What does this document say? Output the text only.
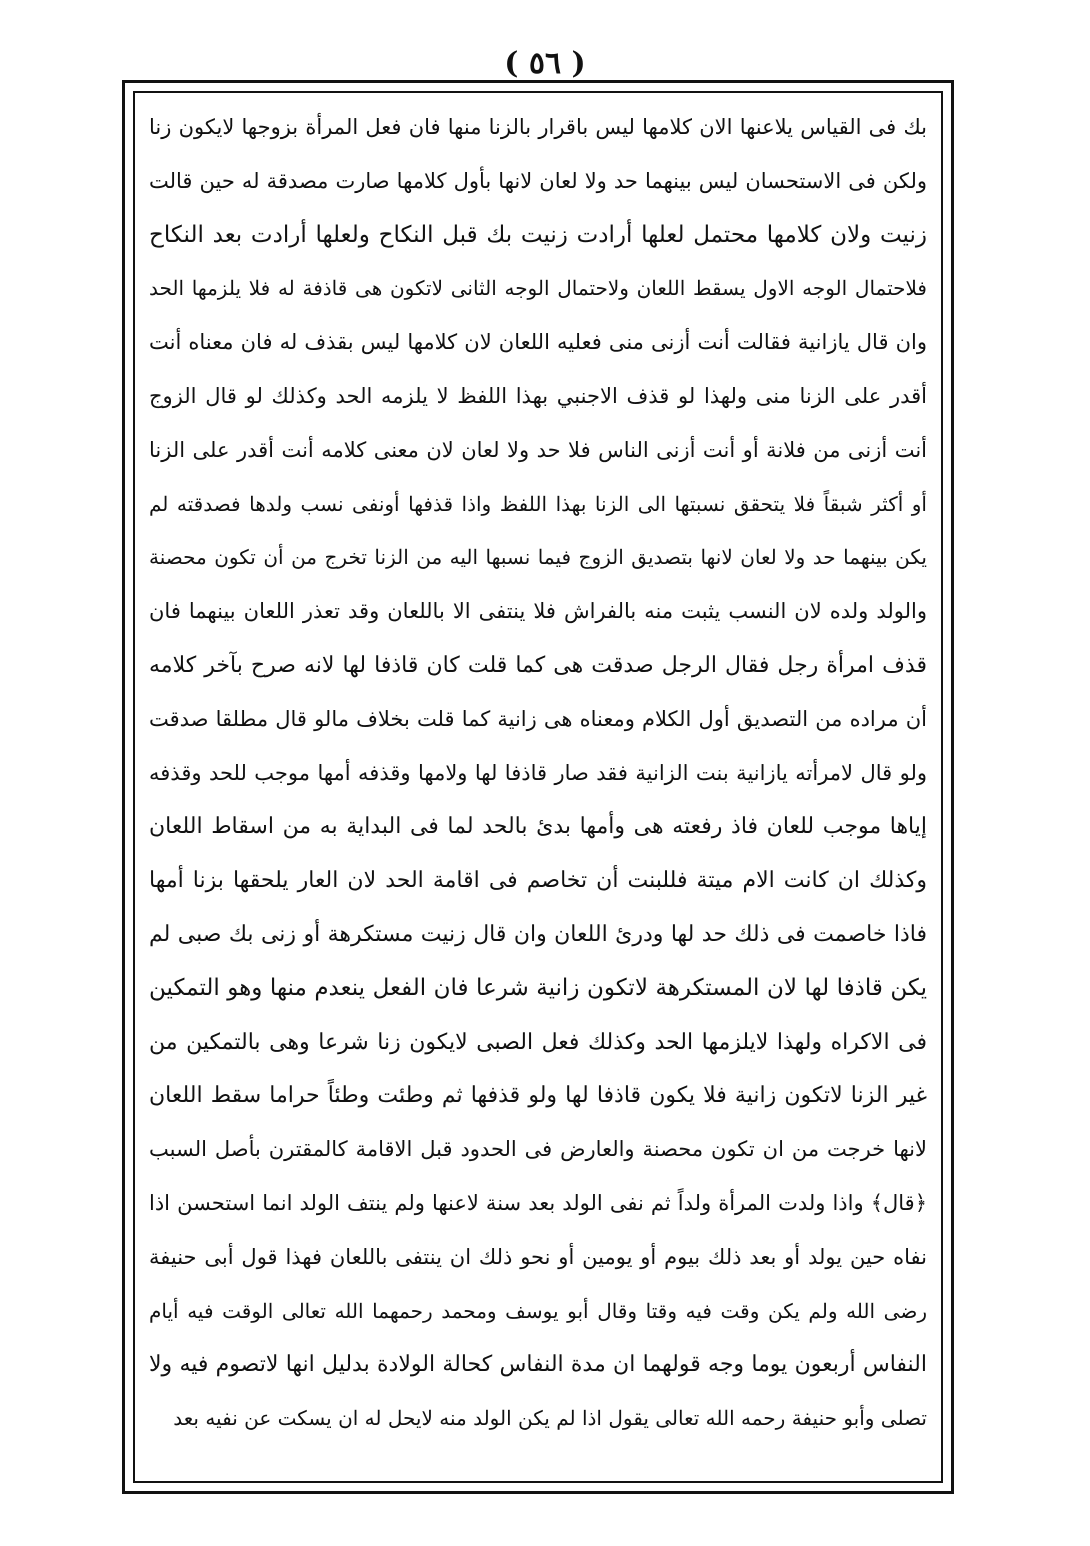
( ٥٦ )
بك فى القياس يلاعنها الان كلامها ليس باقرار بالزنا منها فان فعل المرأة بزوجها لايكون زنا
ولكن فى الاستحسان ليس بينهما حد ولا لعان لانها بأول كلامها صارت مصدقة له حين قالت
زنيت ولان كلامها محتمل لعلها أرادت زنيت بك قبل النكاح ولعلها أرادت بعد النكاح
فلاحتمال الوجه الاول يسقط اللعان ولاحتمال الوجه الثانى لاتكون هى قاذفة له فلا يلزمها الحد
وان قال يازانية فقالت أنت أزنى منى فعليه اللعان لان كلامها ليس بقذف له فان معناه أنت
أقدر على الزنا منى ولهذا لو قذف الاجنبي بهذا اللفظ لا يلزمه الحد وكذلك لو قال الزوج
أنت أزنى من فلانة أو أنت أزنى الناس فلا حد ولا لعان لان معنى كلامه أنت أقدر على الزنا
أو أكثر شبقاً فلا يتحقق نسبتها الى الزنا بهذا اللفظ واذا قذفها أونفى نسب ولدها فصدقته لم
يكن بينهما حد ولا لعان لانها بتصديق الزوج فيما نسبها اليه من الزنا تخرج من أن تكون محصنة
والولد ولده لان النسب يثبت منه بالفراش فلا ينتفى الا باللعان وقد تعذر اللعان بينهما فان
قذف امرأة رجل فقال الرجل صدقت هى كما قلت كان قاذفا لها لانه صرح بآخر كلامه
أن مراده من التصديق أول الكلام ومعناه هى زانية كما قلت بخلاف مالو قال مطلقا صدقت
ولو قال لامرأته يازانية بنت الزانية فقد صار قاذفا لها ولامها وقذفه أمها موجب للحد وقذفه
إياها موجب للعان فاذ رفعته هى وأمها بدئ بالحد لما فى البداية به من اسقاط اللعان
وكذلك ان كانت الام ميتة فللبنت أن تخاصم فى اقامة الحد لان العار يلحقها بزنا أمها
فاذا خاصمت فى ذلك حد لها ودرئ اللعان وان قال زنيت مستكرهة أو زنى بك صبى لم
يكن قاذفا لها لان المستكرهة لاتكون زانية شرعا فان الفعل ينعدم منها وهو التمكين
فى الاكراه ولهذا لايلزمها الحد وكذلك فعل الصبى لايكون زنا شرعا وهى بالتمكين من
غير الزنا لاتكون زانية فلا يكون قاذفا لها ولو قذفها ثم وطئت وطئاً حراما سقط اللعان
لانها خرجت من ان تكون محصنة والعارض فى الحدود قبل الاقامة كالمقترن بأصل السبب
﴿قال﴾ واذا ولدت المرأة ولداً ثم نفى الولد بعد سنة لاعنها ولم ينتف الولد انما استحسن اذا
نفاه حين يولد أو بعد ذلك بيوم أو يومين أو نحو ذلك ان ينتفى باللعان فهذا قول أبى حنيفة
رضى الله ولم يكن وقت فيه وقتا وقال أبو يوسف ومحمد رحمهما الله تعالى الوقت فيه أيام
النفاس أربعون يوما وجه قولهما ان مدة النفاس كحالة الولادة بدليل انها لاتصوم فيه ولا
تصلى وأبو حنيفة رحمه الله تعالى يقول اذا لم يكن الولد منه لايحل له ان يسكت عن نفيه بعد
